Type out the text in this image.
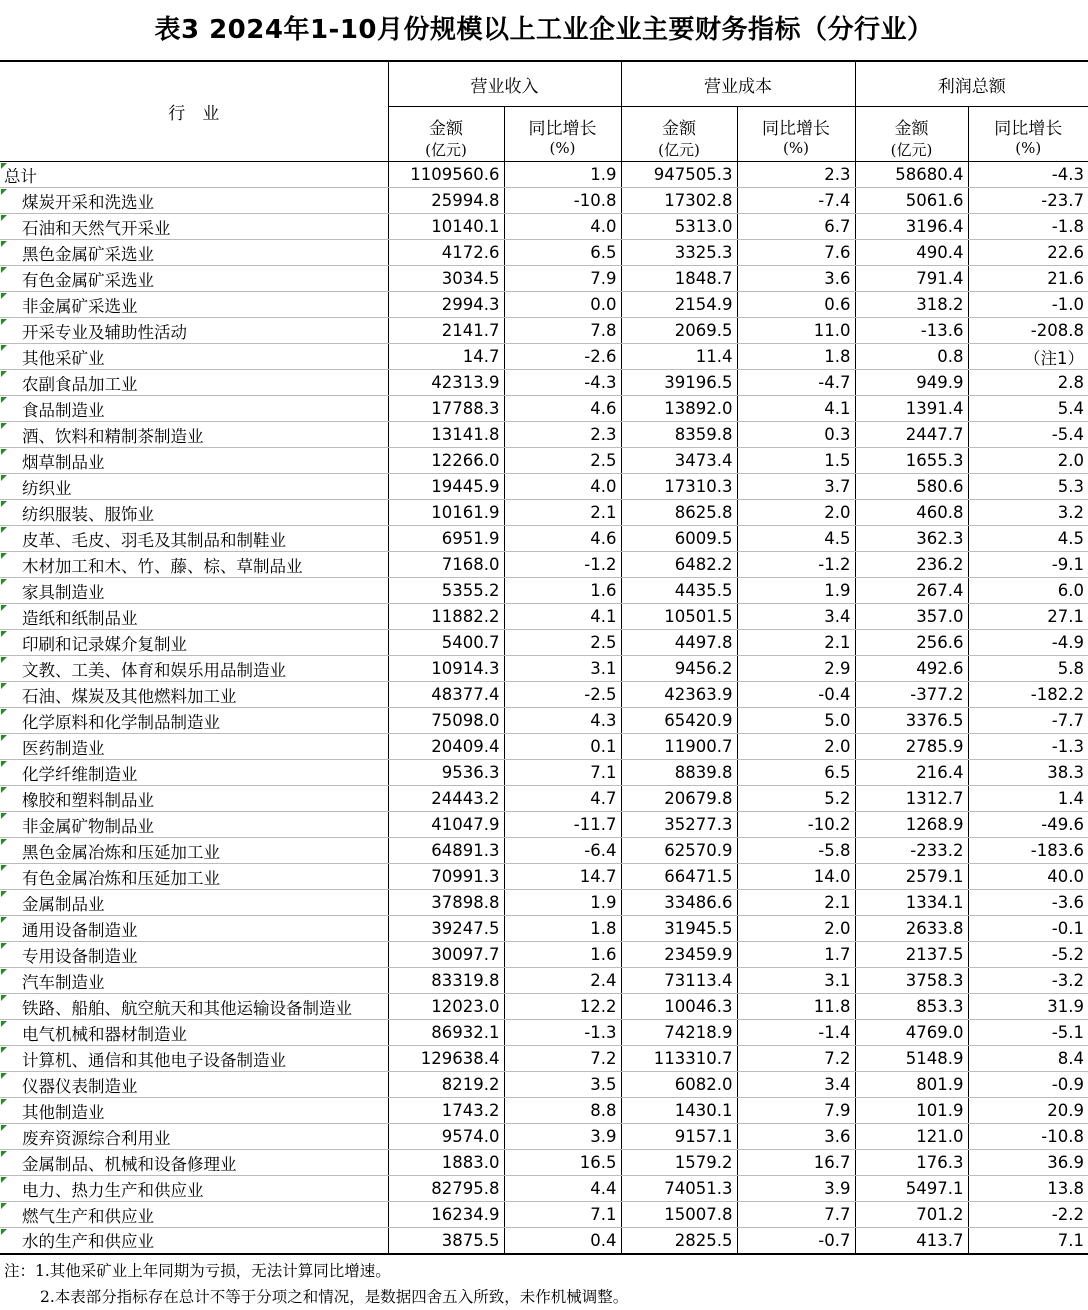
表3 2024年1-10月份规模以上工业企业主要财务指标（分行业）
行　业	营业收入		营业成本		利润总额	
	金额	同比增长	金额	同比增长	金额	同比增长
	(亿元)	(%)	(亿元)	(%)	(亿元)	(%)
总计	1109560.6	1.9	947505.3	2.3	58680.4	-4.3
煤炭开采和洗选业	25994.8	-10.8	17302.8	-7.4	5061.6	-23.7
石油和天然气开采业	10140.1	4.0	5313.0	6.7	3196.4	-1.8
黑色金属矿采选业	4172.6	6.5	3325.3	7.6	490.4	22.6
有色金属矿采选业	3034.5	7.9	1848.7	3.6	791.4	21.6
非金属矿采选业	2994.3	0.0	2154.9	0.6	318.2	-1.0
开采专业及辅助性活动	2141.7	7.8	2069.5	11.0	-13.6	-208.8
其他采矿业	14.7	-2.6	11.4	1.8	0.8	（注1）
农副食品加工业	42313.9	-4.3	39196.5	-4.7	949.9	2.8
食品制造业	17788.3	4.6	13892.0	4.1	1391.4	5.4
酒、饮料和精制茶制造业	13141.8	2.3	8359.8	0.3	2447.7	-5.4
烟草制品业	12266.0	2.5	3473.4	1.5	1655.3	2.0
纺织业	19445.9	4.0	17310.3	3.7	580.6	5.3
纺织服装、服饰业	10161.9	2.1	8625.8	2.0	460.8	3.2
皮革、毛皮、羽毛及其制品和制鞋业	6951.9	4.6	6009.5	4.5	362.3	4.5
木材加工和木、竹、藤、棕、草制品业	7168.0	-1.2	6482.2	-1.2	236.2	-9.1
家具制造业	5355.2	1.6	4435.5	1.9	267.4	6.0
造纸和纸制品业	11882.2	4.1	10501.5	3.4	357.0	27.1
印刷和记录媒介复制业	5400.7	2.5	4497.8	2.1	256.6	-4.9
文教、工美、体育和娱乐用品制造业	10914.3	3.1	9456.2	2.9	492.6	5.8
石油、煤炭及其他燃料加工业	48377.4	-2.5	42363.9	-0.4	-377.2	-182.2
化学原料和化学制品制造业	75098.0	4.3	65420.9	5.0	3376.5	-7.7
医药制造业	20409.4	0.1	11900.7	2.0	2785.9	-1.3
化学纤维制造业	9536.3	7.1	8839.8	6.5	216.4	38.3
橡胶和塑料制品业	24443.2	4.7	20679.8	5.2	1312.7	1.4
非金属矿物制品业	41047.9	-11.7	35277.3	-10.2	1268.9	-49.6
黑色金属冶炼和压延加工业	64891.3	-6.4	62570.9	-5.8	-233.2	-183.6
有色金属冶炼和压延加工业	70991.3	14.7	66471.5	14.0	2579.1	40.0
金属制品业	37898.8	1.9	33486.6	2.1	1334.1	-3.6
通用设备制造业	39247.5	1.8	31945.5	2.0	2633.8	-0.1
专用设备制造业	30097.7	1.6	23459.9	1.7	2137.5	-5.2
汽车制造业	83319.8	2.4	73113.4	3.1	3758.3	-3.2
铁路、船舶、航空航天和其他运输设备制造业	12023.0	12.2	10046.3	11.8	853.3	31.9
电气机械和器材制造业	86932.1	-1.3	74218.9	-1.4	4769.0	-5.1
计算机、通信和其他电子设备制造业	129638.4	7.2	113310.7	7.2	5148.9	8.4
仪器仪表制造业	8219.2	3.5	6082.0	3.4	801.9	-0.9
其他制造业	1743.2	8.8	1430.1	7.9	101.9	20.9
废弃资源综合利用业	9574.0	3.9	9157.1	3.6	121.0	-10.8
金属制品、机械和设备修理业	1883.0	16.5	1579.2	16.7	176.3	36.9
电力、热力生产和供应业	82795.8	4.4	74051.3	3.9	5497.1	13.8
燃气生产和供应业	16234.9	7.1	15007.8	7.7	701.2	-2.2
水的生产和供应业	3875.5	0.4	2825.5	-0.7	413.7	7.1
注：1.其他采矿业上年同期为亏损，无法计算同比增速。
2.本表部分指标存在总计不等于分项之和情况，是数据四舍五入所致，未作机械调整。
